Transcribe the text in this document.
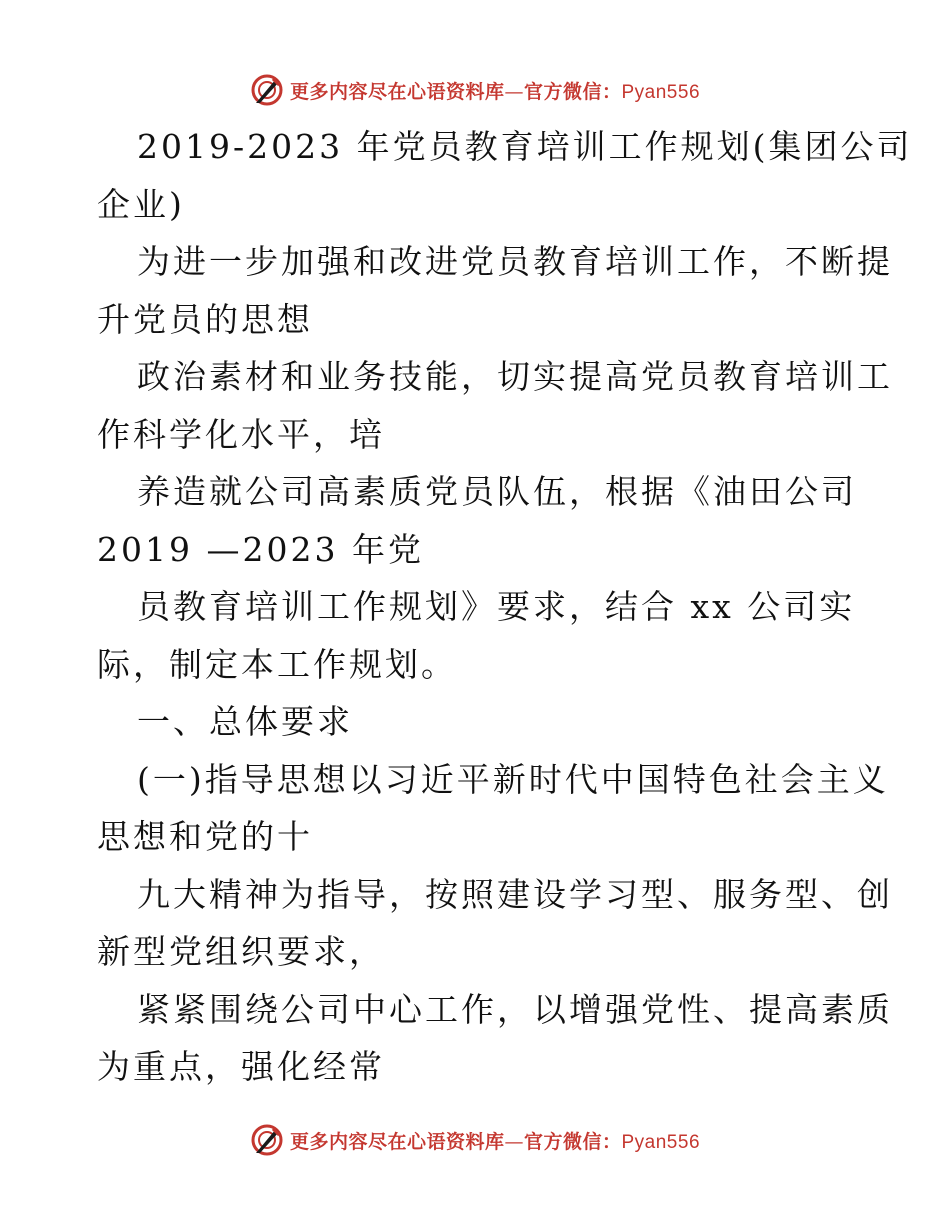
更多内容尽在心语资料库—官方微信：Pyan556
2019-2023 年党员教育培训工作规划(集团公司
企业)
为进一步加强和改进党员教育培训工作，不断提
升党员的思想
政治素材和业务技能，切实提高党员教育培训工
作科学化水平，培
养造就公司高素质党员队伍，根据《油田公司
2019 —2023 年党
员教育培训工作规划》要求，结合 xx 公司实
际，制定本工作规划。
一、总体要求
(一)指导思想以习近平新时代中国特色社会主义
思想和党的十
九大精神为指导，按照建设学习型、服务型、创
新型党组织要求，
紧紧围绕公司中心工作，以增强党性、提高素质
为重点，强化经常
更多内容尽在心语资料库—官方微信：Pyan556
